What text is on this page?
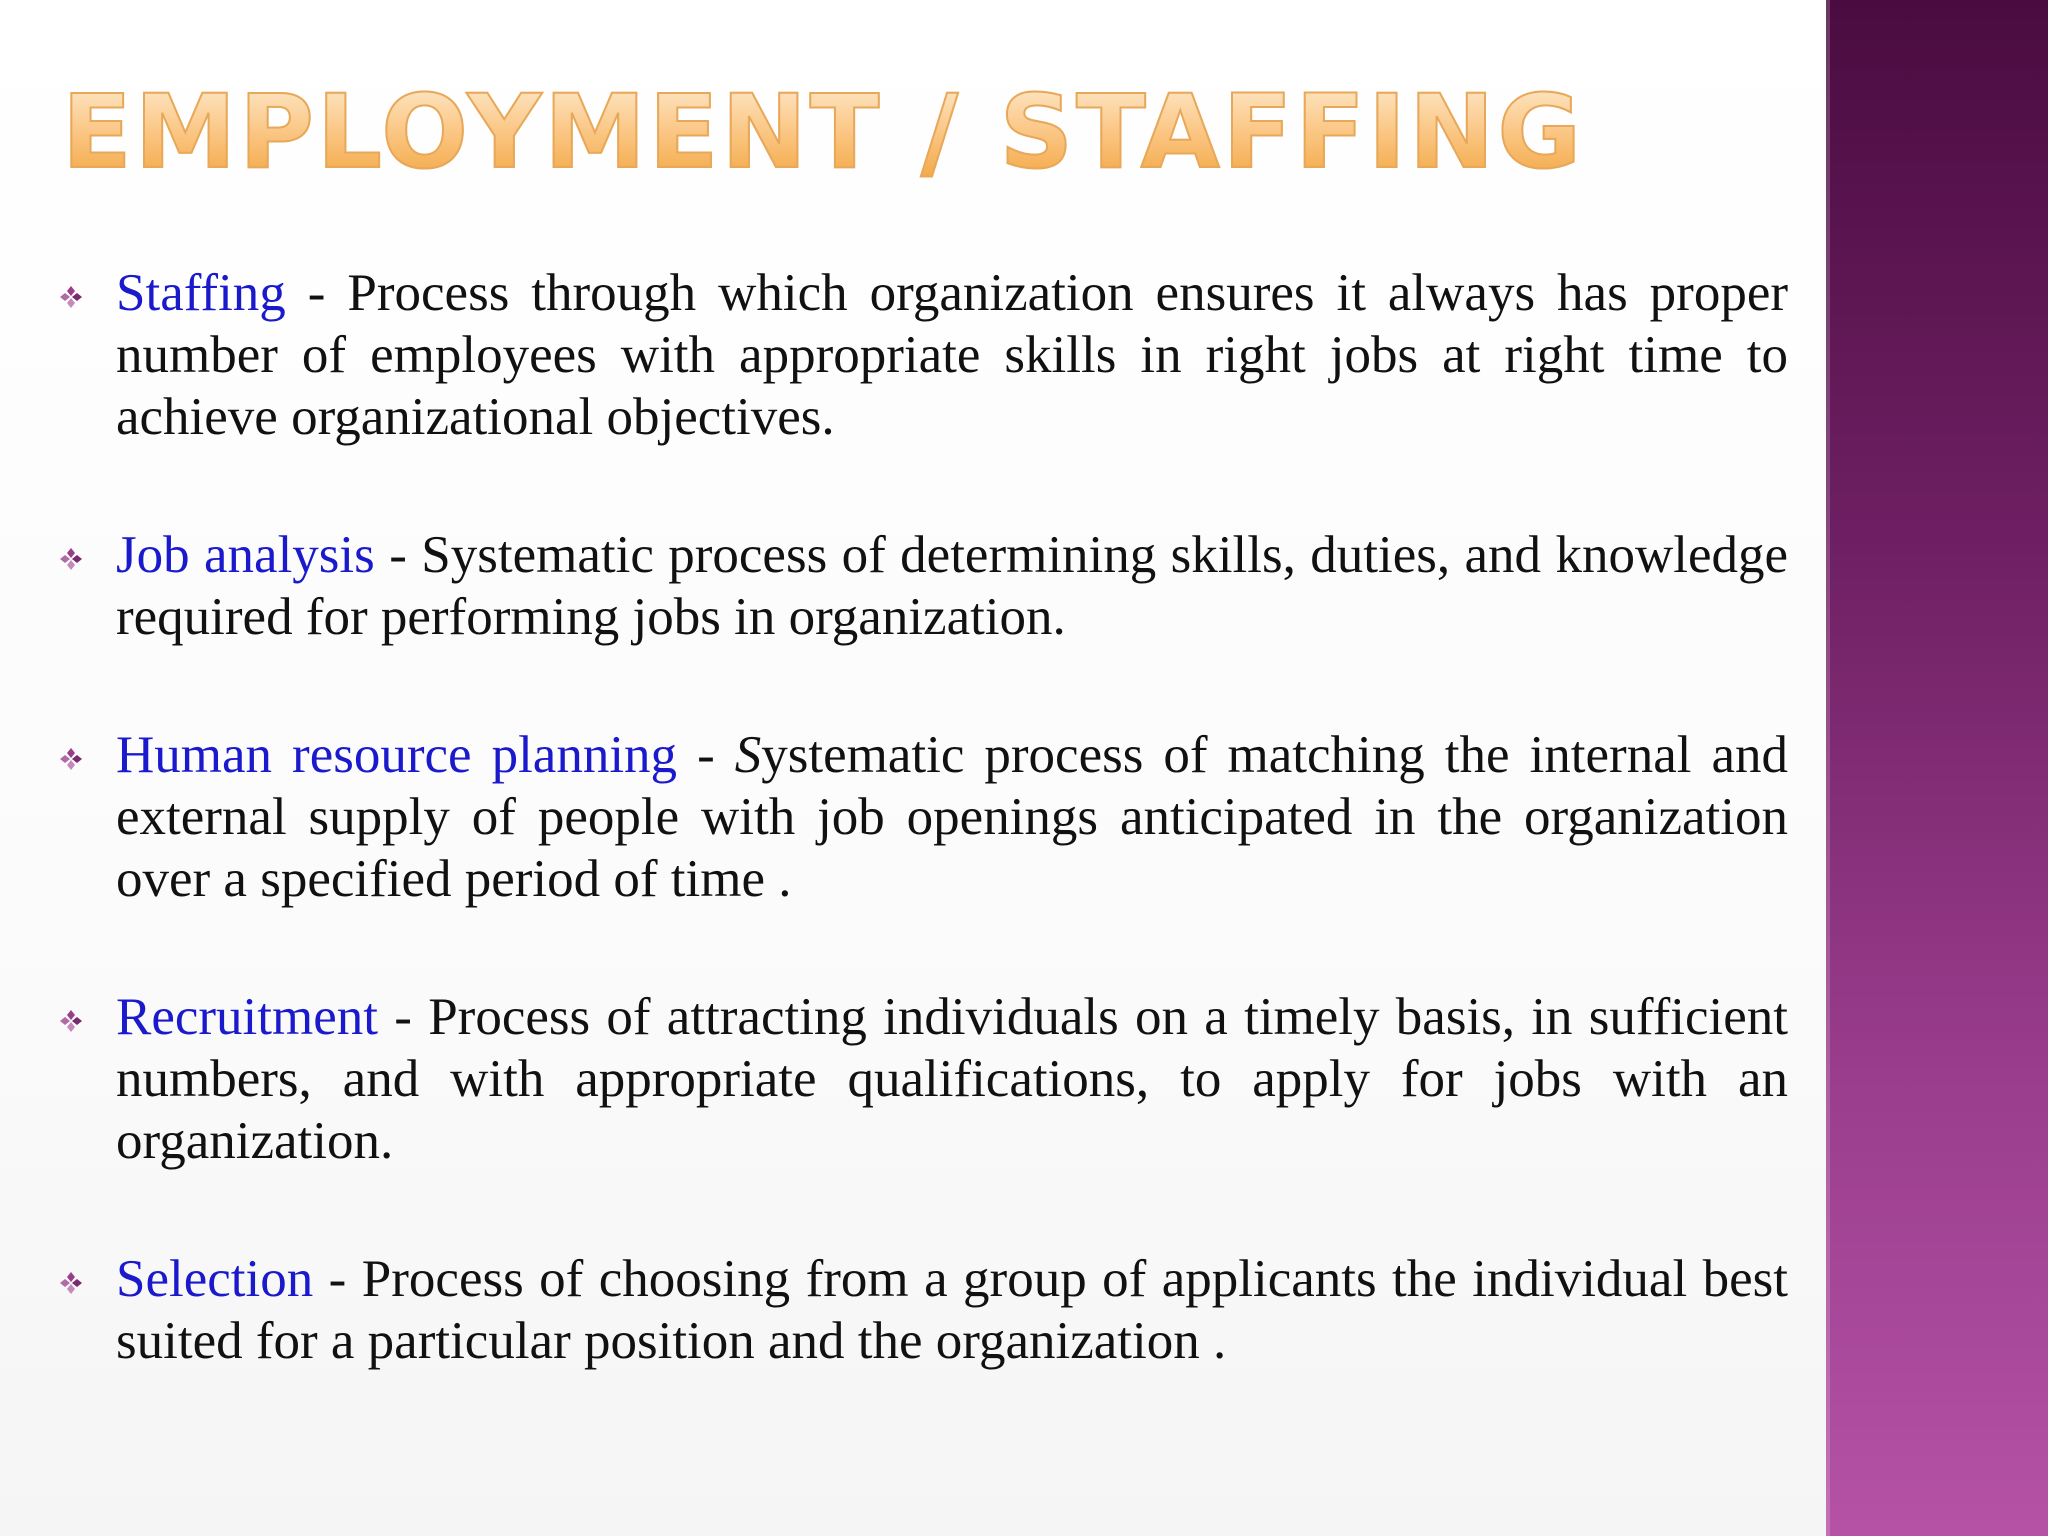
EMPLOYMENT / STAFFING

Staffing - Process through which organization ensures it always has proper number of employees with appropriate skills in right jobs at right time to achieve organizational objectives.

Job analysis - Systematic process of determining skills, duties, and knowledge required for performing jobs in organization.

Human resource planning - Systematic process of matching the internal and external supply of people with job openings anticipated in the organization over a specified period of time .

Recruitment - Process of attracting individuals on a timely basis, in sufficient numbers, and with appropriate qualifications, to apply for jobs with an organization.

Selection - Process of choosing from a group of applicants the individual best suited for a particular position and the organization .
